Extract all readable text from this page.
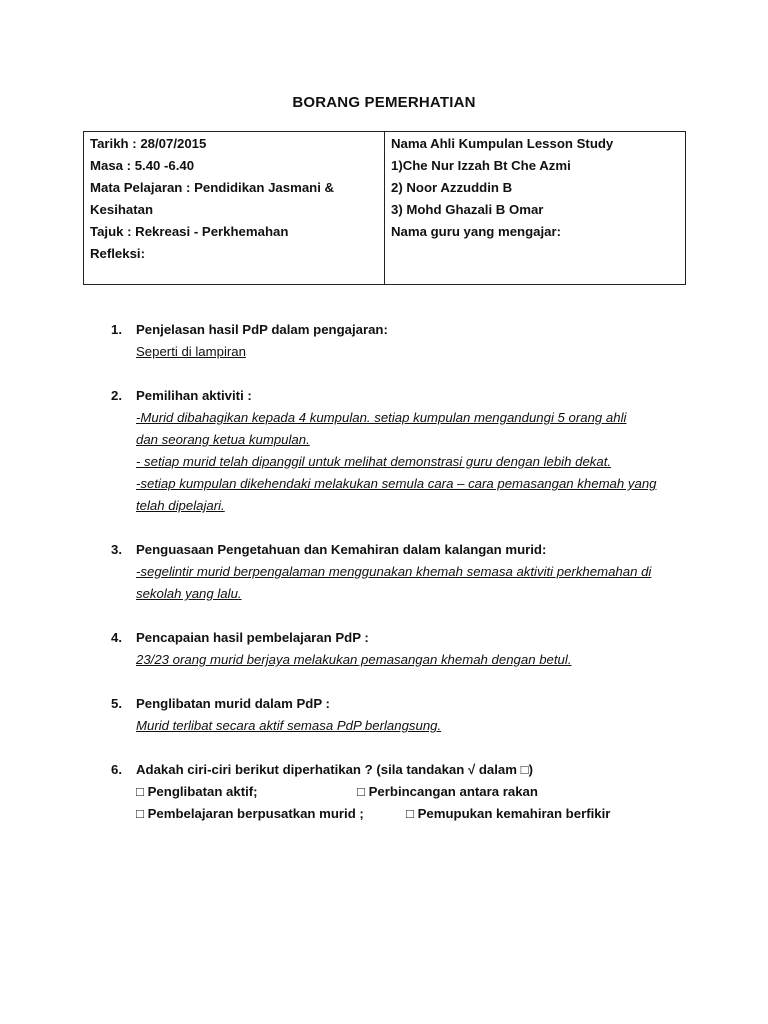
BORANG PEMERHATIAN
Tarikh : 28/07/2015
Masa : 5.40 -6.40
Mata Pelajaran : Pendidikan Jasmani &
Kesihatan
Tajuk : Rekreasi - Perkhemahan
Refleksi:
Nama Ahli Kumpulan Lesson Study
1)Che Nur Izzah Bt Che Azmi
2) Noor Azzuddin B
3) Mohd Ghazali B Omar
Nama guru yang mengajar:
1. Penjelasan hasil PdP dalam pengajaran:
Seperti di lampiran
2. Pemilihan aktiviti :
-Murid dibahagikan kepada 4 kumpulan. setiap kumpulan mengandungi 5 orang ahli
dan seorang ketua kumpulan.
- setiap murid telah dipanggil untuk melihat demonstrasi guru dengan lebih dekat.
-setiap kumpulan dikehendaki melakukan semula cara – cara pemasangan khemah yang
telah dipelajari.
3. Penguasaan Pengetahuan dan Kemahiran dalam kalangan murid:
-segelintir murid berpengalaman menggunakan khemah semasa aktiviti perkhemahan di
sekolah yang lalu.
4. Pencapaian hasil pembelajaran PdP :
23/23 orang murid berjaya melakukan pemasangan khemah dengan betul.
5. Penglibatan murid dalam PdP :
Murid terlibat secara aktif semasa PdP berlangsung.
6. Adakah ciri-ciri berikut diperhatikan ? (sila tandakan √ dalam □)
□ Penglibatan aktif;	□ Perbincangan antara rakan
□ Pembelajaran berpusatkan murid ;	□ Pemupukan kemahiran berfikir
